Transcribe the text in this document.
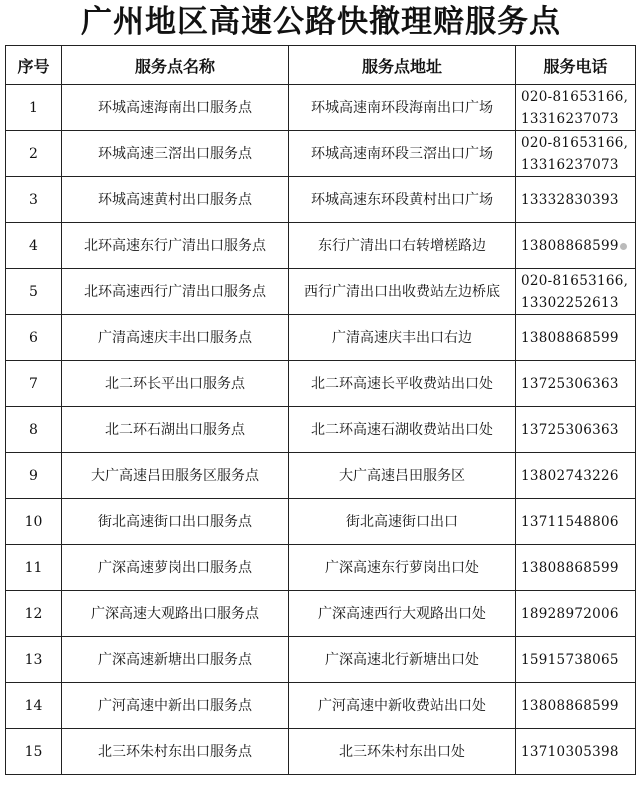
广州地区高速公路快撤理赔服务点
序号	服务点名称	服务点地址	服务电话
1	环城高速海南出口服务点	环城高速南环段海南出口广场	020-81653166,
13316237073

2	环城高速三滘出口服务点	环城高速南环段三滘出口广场	020-81653166,
13316237073

3	环城高速黄村出口服务点	环城高速东环段黄村出口广场	13332830393

4	北环高速东行广清出口服务点	东行广清出口右转增槎路边	13808868599

5	北环高速西行广清出口服务点	西行广清出口出收费站左边桥底	020-81653166,
13302252613

6	广清高速庆丰出口服务点	广清高速庆丰出口右边	13808868599

7	北二环长平出口服务点	北二环高速长平收费站出口处	13725306363

8	北二环石湖出口服务点	北二环高速石湖收费站出口处	13725306363

9	大广高速吕田服务区服务点	大广高速吕田服务区	13802743226

10	街北高速街口出口服务点	街北高速街口出口	13711548806

11	广深高速萝岗出口服务点	广深高速东行萝岗出口处	13808868599

12	广深高速大观路出口服务点	广深高速西行大观路出口处	18928972006

13	广深高速新塘出口服务点	广深高速北行新塘出口处	15915738065

14	广河高速中新出口服务点	广河高速中新收费站出口处	13808868599

15	北三环朱村东出口服务点	北三环朱村东出口处	13710305398
